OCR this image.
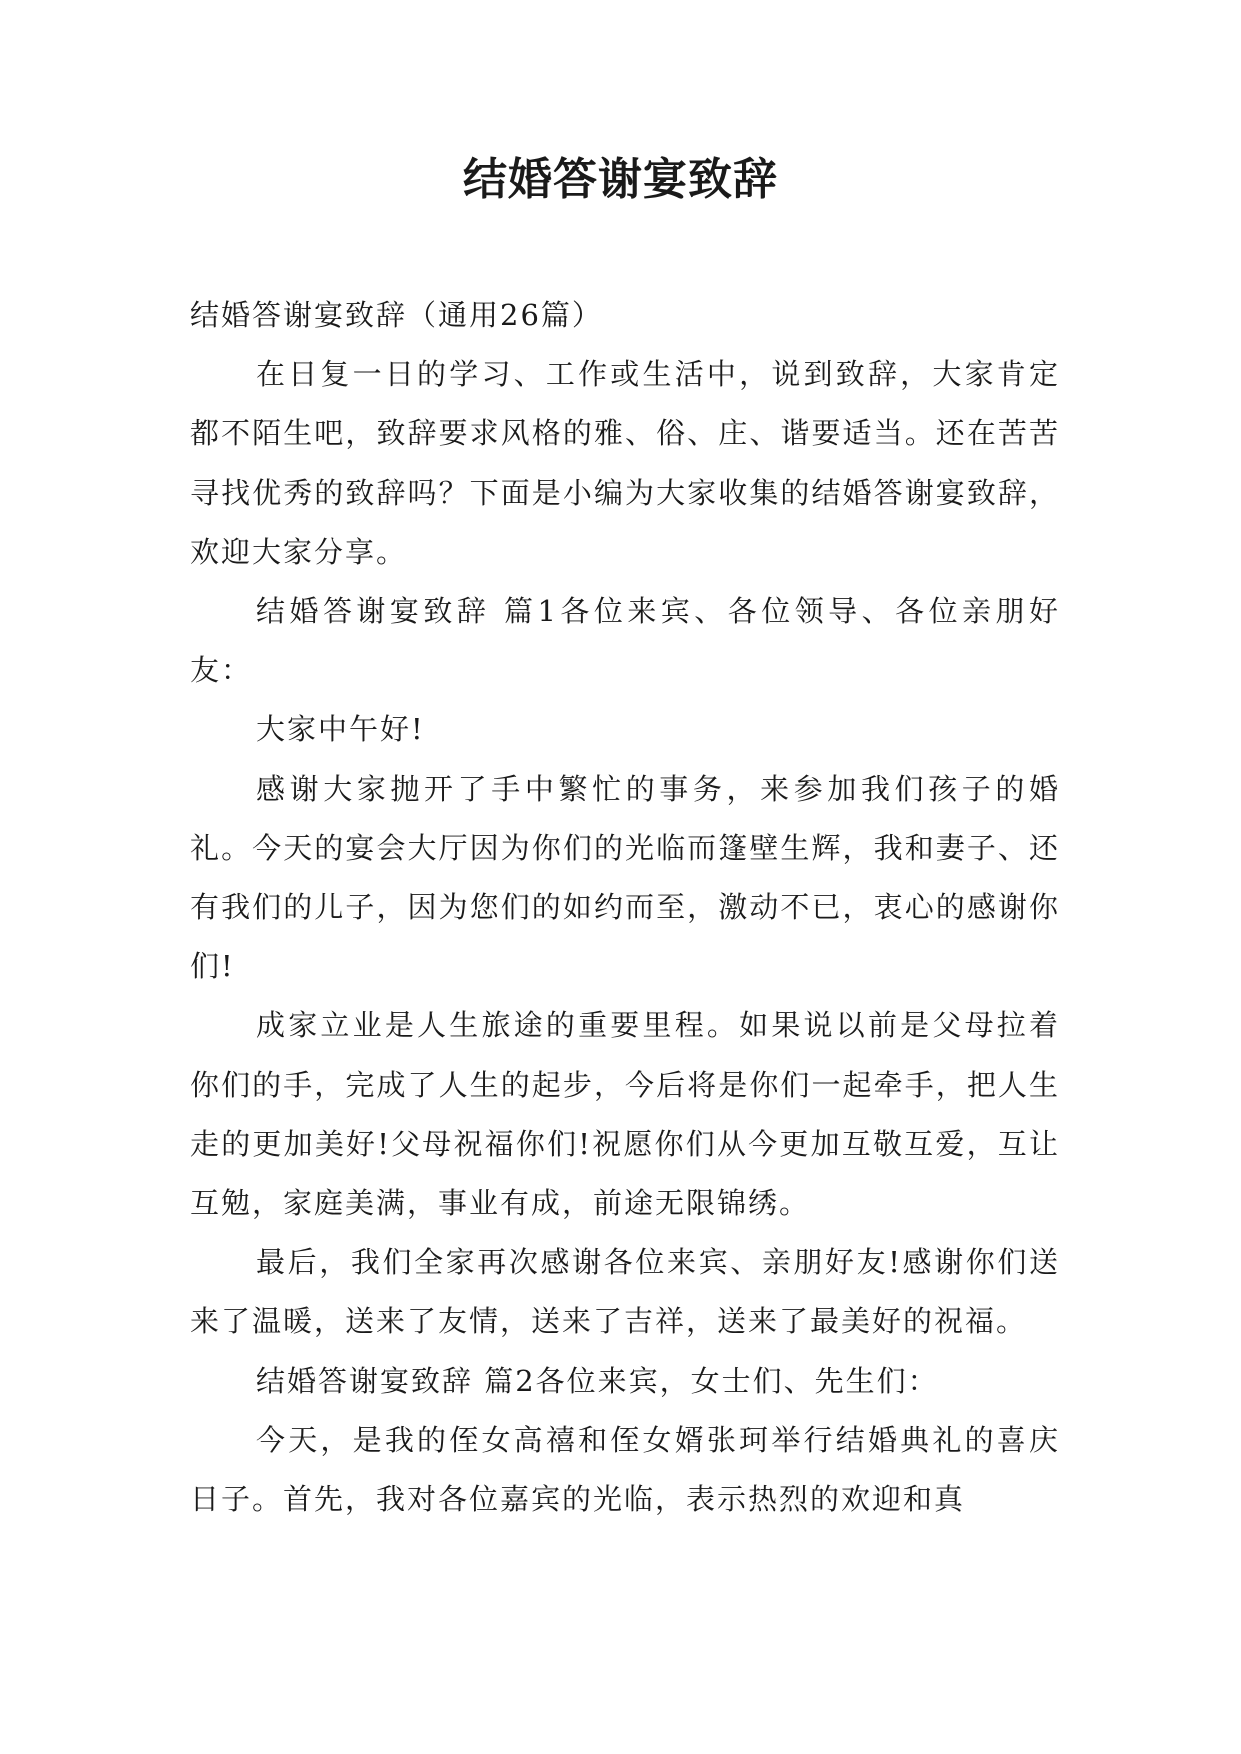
结婚答谢宴致辞

结婚答谢宴致辞（通用26篇）

在日复一日的学习、工作或生活中，说到致辞，大家肯定都不陌生吧，致辞要求风格的雅、俗、庄、谐要适当。还在苦苦寻找优秀的致辞吗？下面是小编为大家收集的结婚答谢宴致辞，欢迎大家分享。

结婚答谢宴致辞 篇1各位来宾、各位领导、各位亲朋好友：

大家中午好!

感谢大家抛开了手中繁忙的事务，来参加我们孩子的婚礼。今天的宴会大厅因为你们的光临而篷壁生辉，我和妻子、还有我们的儿子，因为您们的如约而至，激动不已，衷心的感谢你们!

成家立业是人生旅途的重要里程。如果说以前是父母拉着你们的手，完成了人生的起步，今后将是你们一起牵手，把人生走的更加美好!父母祝福你们!祝愿你们从今更加互敬互爱，互让互勉，家庭美满，事业有成，前途无限锦绣。

最后，我们全家再次感谢各位来宾、亲朋好友!感谢你们送来了温暖，送来了友情，送来了吉祥，送来了最美好的祝福。

结婚答谢宴致辞 篇2各位来宾，女士们、先生们：

今天，是我的侄女高禧和侄女婿张珂举行结婚典礼的喜庆日子。首先，我对各位嘉宾的光临，表示热烈的欢迎和真
